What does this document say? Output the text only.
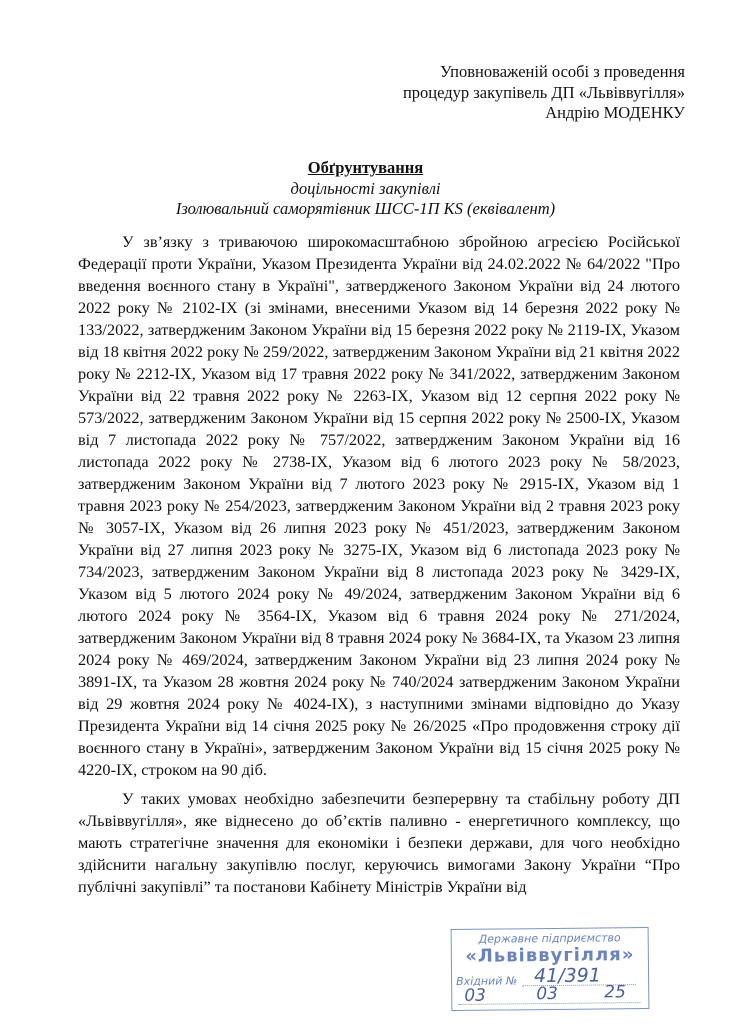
Уповноваженій особі з проведення
процедур закупівель ДП «Львіввугілля»
Андрію МОДЕНКУ
Обґрунтування
доцільності закупівлі
Ізолювальний саморятівник ШСС-1П KS (еквівалент)

У зв’язку з триваючою широкомасштабною збройною агресією Російської Федерації проти України, Указом Президента України від 24.02.2022 № 64/2022 "Про введення воєнного стану в Україні", затвердженого Законом України від 24 лютого 2022 року № 2102-ІХ (зі змінами, внесеними Указом від 14 березня 2022 року № 133/2022, затвердженим Законом України від 15 березня 2022 року № 2119-ІХ, Указом від 18 квітня 2022 року № 259/2022, затвердженим Законом України від 21 квітня 2022 року № 2212-ІХ, Указом від 17 травня 2022 року № 341/2022, затвердженим Законом України від 22 травня 2022 року № 2263-ІХ, Указом від 12 серпня 2022 року № 573/2022, затвердженим Законом України від 15 серпня 2022 року № 2500-ІХ, Указом від 7 листопада 2022 року № 757/2022, затвердженим Законом України від 16 листопада 2022 року № 2738-ІХ, Указом від 6 лютого 2023 року № 58/2023, затвердженим Законом України від 7 лютого 2023 року № 2915-ІХ, Указом від 1 травня 2023 року № 254/2023, затвердженим Законом України від 2 травня 2023 року № 3057-ІХ, Указом від 26 липня 2023 року № 451/2023, затвердженим Законом України від 27 липня 2023 року № 3275-ІХ, Указом від 6 листопада 2023 року № 734/2023, затвердженим Законом України від 8 листопада 2023 року № 3429-ІХ, Указом від 5 лютого 2024 року № 49/2024, затвердженим Законом України від 6 лютого 2024 року № 3564-ІХ, Указом від 6 травня 2024 року № 271/2024, затвердженим Законом України від 8 травня 2024 року № 3684-ІХ, та Указом 23 липня 2024 року № 469/2024, затвердженим Законом України від 23 липня 2024 року № 3891-ІХ, та Указом 28 жовтня 2024 року № 740/2024 затвердженим Законом України від 29 жовтня 2024 року № 4024-ІХ), з наступними змінами відповідно до Указу Президента України від 14 січня 2025 року № 26/2025 «Про продовження строку дії воєнного стану в Україні», затвердженим Законом України від 15 січня 2025 року № 4220-ІХ, строком на 90 діб.

У таких умовах необхідно забезпечити безперервну та стабільну роботу ДП «Львіввугілля», яке віднесено до об’єктів паливно - енергетичного комплексу, що мають стратегічне значення для економіки і безпеки держави, для чого необхідно здійснити нагальну закупівлю послуг, керуючись вимогами Закону України “Про публічні закупівлі” та постанови Кабінету Міністрів України від

Державне підприємство
«Львіввугілля»
Вхідний № 41/391
03	03	25
